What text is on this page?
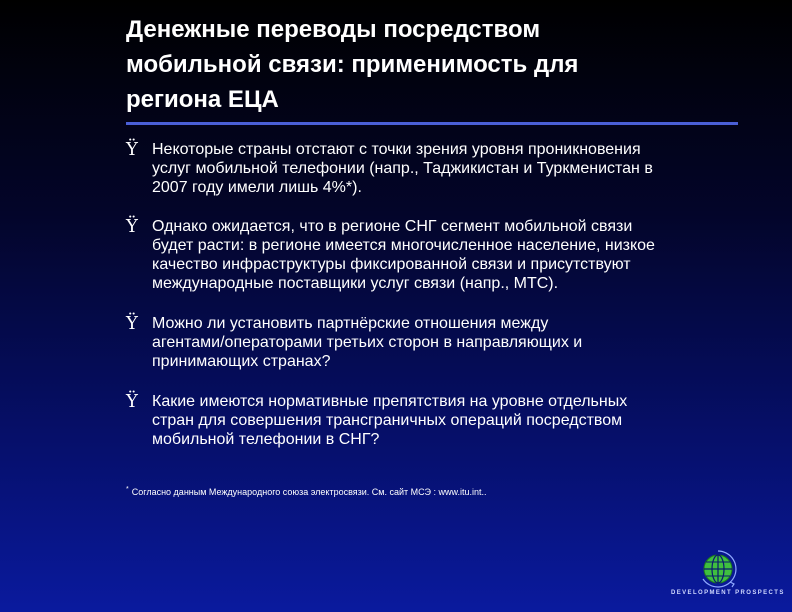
Денежные переводы посредством
мобильной связи: применимость для
региона ЕЦА
Ÿ Некоторые страны отстают с точки зрения уровня проникновения
услуг мобильной телефонии (напр., Таджикистан и Туркменистан в
2007 году имели лишь 4%*).
Ÿ Однако ожидается, что в регионе СНГ сегмент мобильной связи
будет расти: в регионе имеется многочисленное население, низкое
качество инфраструктуры фиксированной связи и присутствуют
международные поставщики услуг связи (напр., МТС).
Ÿ Можно ли установить партнёрские отношения между
агентами/операторами третьих сторон в направляющих и
принимающих странах?
Ÿ Какие имеются нормативные препятствия на уровне отдельных
стран для совершения трансграничных операций посредством
мобильной телефонии в СНГ?
* Согласно данным Международного союза электросвязи. См. сайт МСЭ : www.itu.int..
DEVELOPMENT PROSPECTS
